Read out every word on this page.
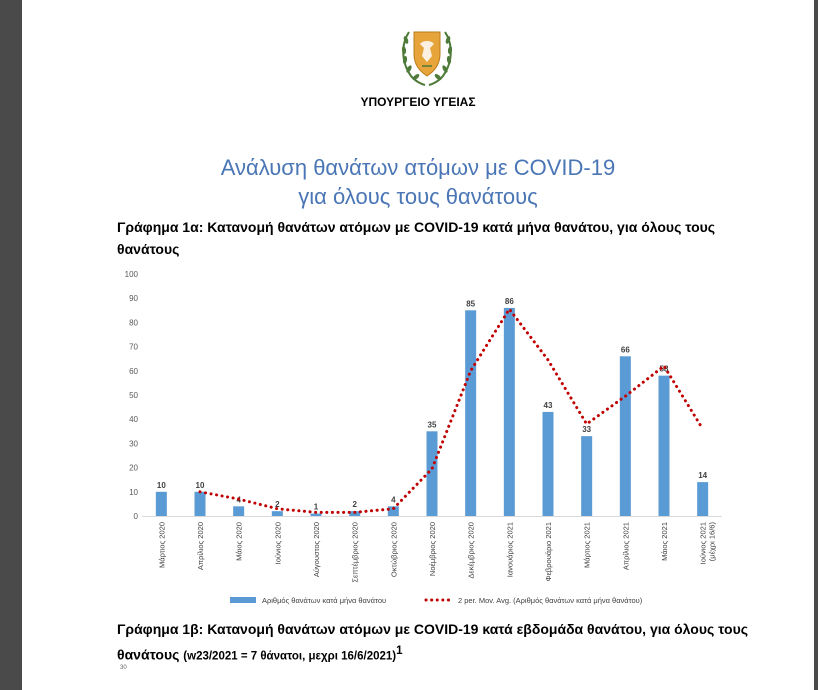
ΥΠΟΥΡΓΕΙΟ ΥΓΕΙΑΣ
Ανάλυση θανάτων ατόμων με COVID-19
για όλους τους θανάτους
Γράφημα 1α: Κατανομή θανάτων ατόμων με COVID-19 κατά μήνα θανάτου, για όλους τους θανάτους
0
10
20
30
40
50
60
70
80
90
100
10	10
4
2	1	2
4
35
85	86
43
33
66
58
14
Μάρτιος 2020	Απρίλιος 2020	Μάιος 2020	Ιούνιος 2020	Αύγουστος 2020	Σεπτέμβριος 2020	Οκτώβριος 2020	Νοέμβριος 2020	Δεκέμβριος 2020	Ιανουάριος 2021	Φεβρουάριο 2021	Μάρτιος 2021	Απρίλιος 2021	Μάιος 2021	Ιούνιος 2021(μέχρι 16/6)
Αριθμός θανάτων κατά μήνα θανάτου	2 per. Mov. Avg. (Αριθμός θανάτων κατά μήνα θανάτου)
Γράφημα 1β: Κατανομή θανάτων ατόμων με COVID-19 κατά εβδομάδα θανάτου, για όλους τους θανάτους (w23/2021 = 7 θάνατοι, μεχρι 16/6/2021)$^1$
30
